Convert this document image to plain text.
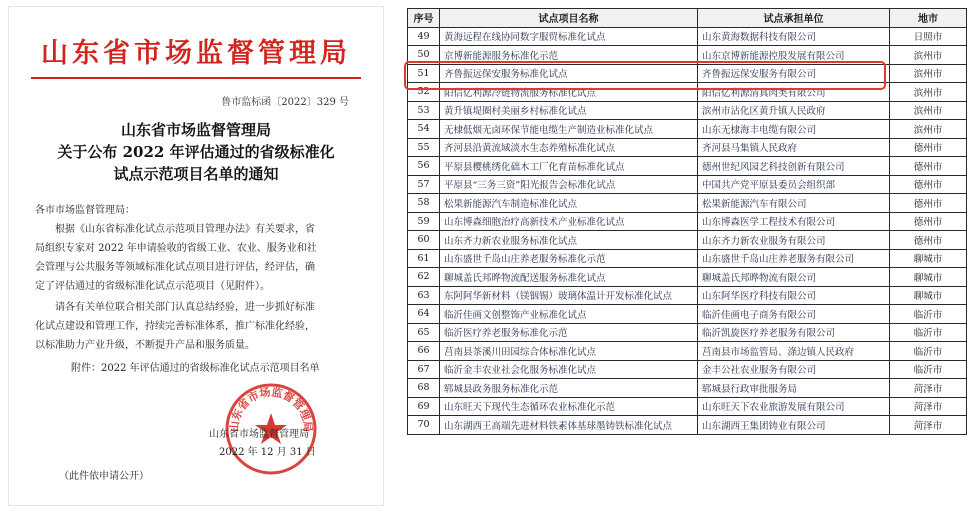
山东省市场监督管理局
鲁市监标函〔2022〕329 号
山东省市场监督管理局
关于公布 2022 年评估通过的省级标准化
试点示范项目名单的通知
各市市场监督管理局：
根据《山东省标准化试点示范项目管理办法》有关要求，省
局组织专家对 2022 年申请验收的省级工业、农业、服务业和社
会管理与公共服务等领域标准化试点项目进行评估，经评估，确
定了评估通过的省级标准化试点示范项目（见附件）。
请各有关单位联合相关部门认真总结经验，进一步抓好标准
化试点建设和管理工作，持续完善标准体系，推广标准化经验，
以标准助力产业升级，不断提升产品和服务质量。
附件：2022 年评估通过的省级标准化试点示范项目名单
山东省市场监督管理局
山东省市场监督管理局
2022 年 12 月 31 日
（此件依申请公开）
序号	试点项目名称	试点承担单位	地市
49	黄海远程在线协同数字服贸标准化试点	山东黄海数据科技有限公司	日照市
50	京博新能源服务标准化示范	山东京博新能源控股发展有限公司	滨州市
51	齐鲁振远保安服务标准化试点	齐鲁振远保安服务有限公司	滨州市
52	阳信亿利源冷链物流服务标准化试点	阳信亿利源清真肉类有限公司	滨州市
53	黄升镇堤圈村美丽乡村标准化试点	滨州市沾化区黄升镇人民政府	滨州市
54	无棣低烟无卤环保节能电缆生产制造业标准化试点	山东无棣海丰电缆有限公司	滨州市
55	齐河县沿黄流域淡水生态养殖标准化试点	齐河县马集镇人民政府	德州市
56	平原县樱桃绣化础木工厂化育苗标准化试点	德州世纪风园艺科技创新有限公司	德州市
57	平原县“三务三资”阳光报告会标准化试点	中国共产党平原县委员会组织部	德州市
58	松果新能源汽车制造标准化试点	松果新能源汽车有限公司	德州市
59	山东博森细胞治疗高新技术产业标准化试点	山东博森医学工程技术有限公司	德州市
60	山东齐力新农业服务标准化试点	山东齐力新农业服务有限公司	德州市
61	山东盛世千岛山庄养老服务标准化示范	山东盛世千岛山庄养老服务有限公司	聊城市
62	聊城盖氏邦晔物流配送服务标准化试点	聊城盖氏邦晔物流有限公司	聊城市
63	东阿阿华新材料（镁铟锡）玻璃体温计开发标准化试点	山东阿华医疗科技有限公司	聊城市
64	临沂佳画文创整饰产业标准化试点	临沂佳画电子商务有限公司	临沂市
65	临沂医疗养老服务标准化示范	临沂凯旋医疗养老服务有限公司	临沂市
66	莒南县茶溪川田园综合体标准化试点	莒南县市场监管局、涤边镇人民政府	临沂市
67	临沂金丰农业社会化服务标准化试点	金丰公社农业服务有限公司	临沂市
68	郓城县政务服务标准化示范	郓城县行政审批服务局	菏泽市
69	山东旺天下现代生态循环农业标准化示范	山东旺天下农业旅游发展有限公司	菏泽市
70	山东湖西王高端先进材料铁素体基球墨铸铁标准化试点	山东湖西王集团铸业有限公司	菏泽市
